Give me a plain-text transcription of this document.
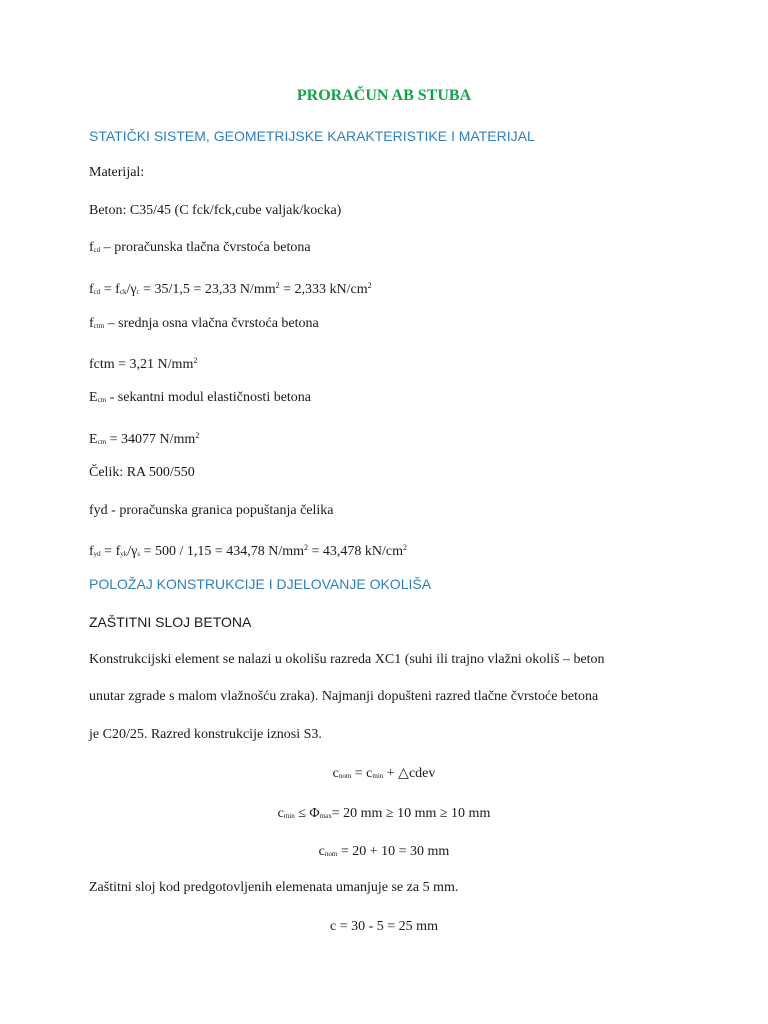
PRORAČUN AB STUBA
STATIČKI SISTEM, GEOMETRIJSKE KARAKTERISTIKE I MATERIJAL
Materijal:
Beton: C35/45 (C fck/fck,cube valjak/kocka)
$f_{cd}$ – proračunska tlačna čvrstoća betona
$f_{cd} = f_{ck}/\gamma_c = 35/1,5 = 23,33$ $N/mm^2 = 2,333$ $kN/cm^2$
$f_{ctm}$ – srednja osna vlačna čvrstoća betona
fctm = 3,21 $N/mm^2$
$E_{cm}$ - sekantni modul elastičnosti betona
$E_{cm} = 34077$ $N/mm^2$
Čelik: RA 500/550
fyd - proračunska granica popuštanja čelika
$f_{yd} = f_{yk}/\gamma_s = 500 / 1,15 = 434,78$ $N/mm^2 = 43,478$ $kN/cm^2$
POLOŽAJ KONSTRUKCIJE I DJELOVANJE OKOLIŠA
ZAŠTITNI SLOJ BETONA
Konstrukcijski element se nalazi u okolišu razreda XC1 (suhi ili trajno vlažni okoliš – beton
unutar zgrade s malom vlažnošću zraka). Najmanji dopušteni razred tlačne čvrstoće betona
je C20/25. Razred konstrukcije iznosi S3.
$c_{nom} = c_{min}$ + △cdev
$c_{min} \le \Phi_{max}= 20$ mm ≥ 10 mm ≥ 10 mm
$c_{nom} = 20 + 10 = 30$ mm
Zaštitni sloj kod predgotovljenih elemenata umanjuje se za 5 mm.
c = 30 - 5 = 25 mm
